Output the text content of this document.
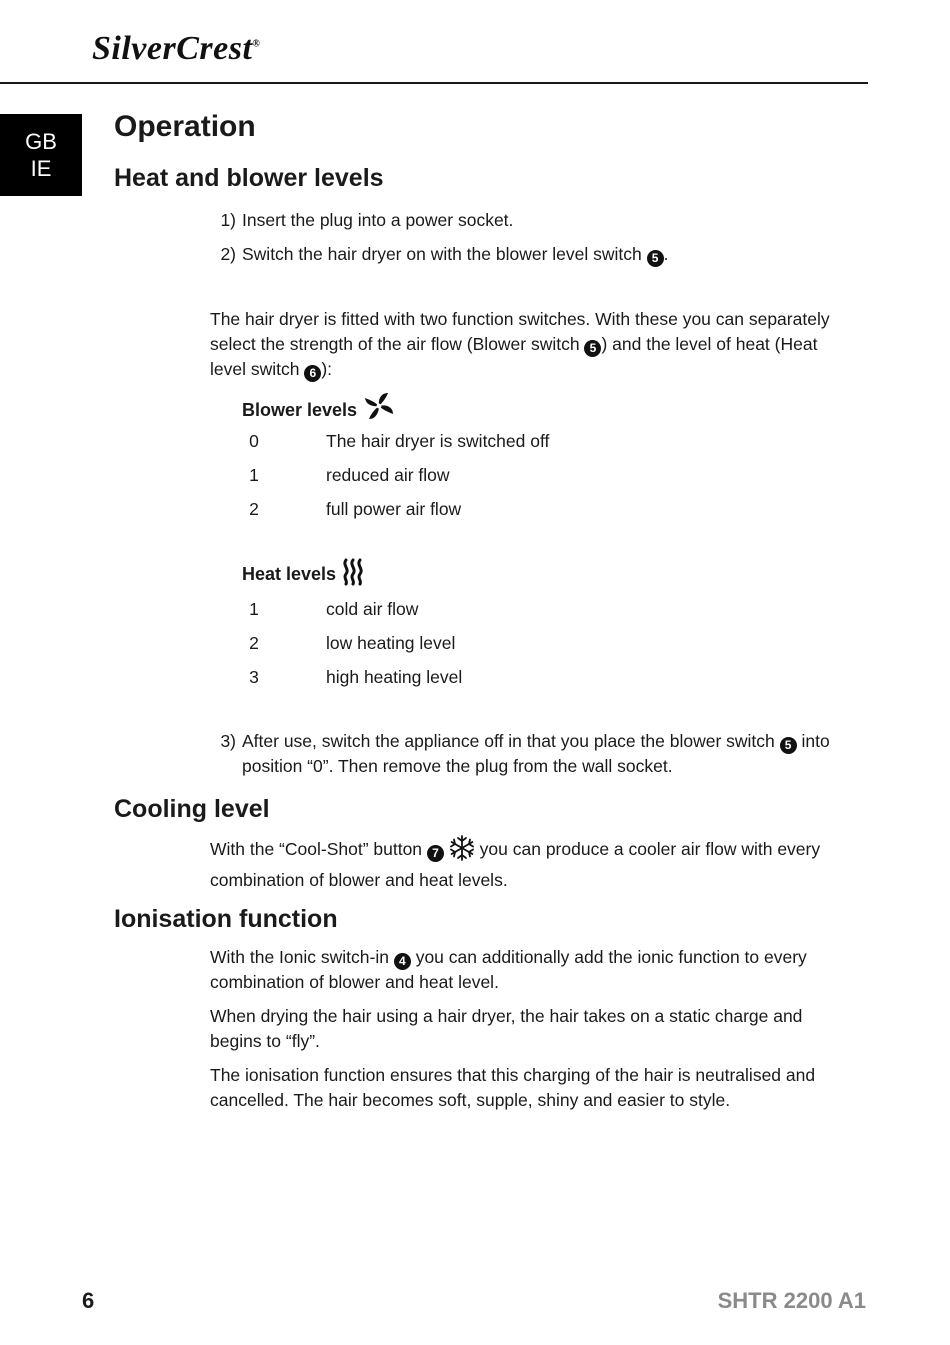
SilverCrest®
GB
IE
Operation
Heat and blower levels
1) Insert the plug into a power socket.
2) Switch the hair dryer on with the blower level switch 5 .

The hair dryer is fitted with two function switches. With these you can separately select the strength of the air flow (Blower switch 5 ) and the level of heat (Heat level switch 6 ):

Blower levels
0	The hair dryer is switched off
1	reduced air flow
2	full power air flow
Heat levels
1	cold air flow
2	low heating level
3	high heating level
3) After use, switch the appliance off in that you place the blower switch 5 into position “0”. Then remove the plug from the wall socket.
Cooling level

With the “Cool-Shot” button 7 you can produce a cooler air flow with every combination of blower and heat levels.

Ionisation function

With the Ionic switch-in 4 you can additionally add the ionic function to every combination of blower and heat level.

When drying the hair using a hair dryer, the hair takes on a static charge and begins to “fly”.

The ionisation function ensures that this charging of the hair is neutralised and cancelled. The hair becomes soft, supple, shiny and easier to style.

6	SHTR 2200 A1
